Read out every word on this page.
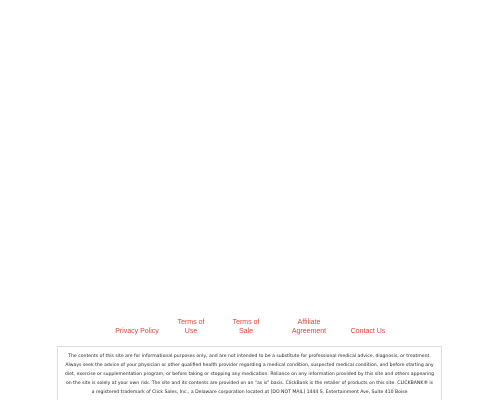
Privacy Policy
Terms of
Use
Terms of
Sale
Affiliate
Agreement	Contact Us

The contents of this site are for informational purposes only, and are not intended to be a substitute for professional medical advice, diagnosis, or treatment. Always seek the advice of your physician or other qualified health provider regarding a medical condition, suspected medical condition, and before starting any diet, exercise or supplementation program, or before taking or stopping any medication. Reliance on any information provided by this site and others appearing on the site is solely at your own risk. The site and its contents are provided on an "as is" basis. ClickBank is the retailer of products on this site. CLICKBANK® is a registered trademark of Click Sales, Inc., a Delaware corporation located at [DO NOT MAIL] 1444 S. Entertainment Ave, Suite 410 Boise
